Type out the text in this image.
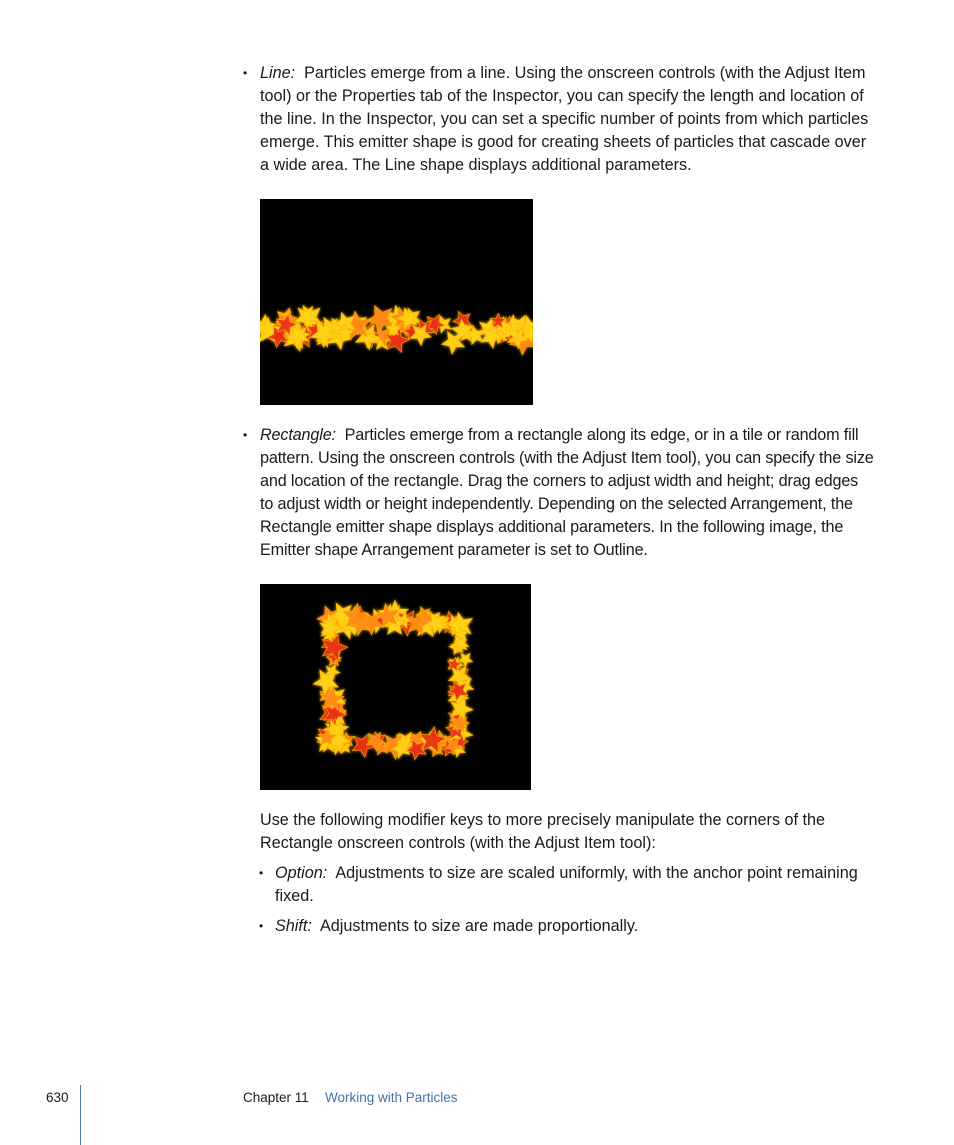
• Line: Particles emerge from a line. Using the onscreen controls (with the Adjust Item tool) or the Properties tab of the Inspector, you can specify the length and location of the line. In the Inspector, you can set a specific number of points from which particles emerge. This emitter shape is good for creating sheets of particles that cascade over a wide area. The Line shape displays additional parameters.

• Rectangle: Particles emerge from a rectangle along its edge, or in a tile or random fill pattern. Using the onscreen controls (with the Adjust Item tool), you can specify the size and location of the rectangle. Drag the corners to adjust width and height; drag edges to adjust width or height independently. Depending on the selected Arrangement, the Rectangle emitter shape displays additional parameters. In the following image, the Emitter shape Arrangement parameter is set to Outline.

Use the following modifier keys to more precisely manipulate the corners of the Rectangle onscreen controls (with the Adjust Item tool):

• Option: Adjustments to size are scaled uniformly, with the anchor point remaining fixed.

• Shift: Adjustments to size are made proportionally.

630	Chapter 11 Working with Particles
